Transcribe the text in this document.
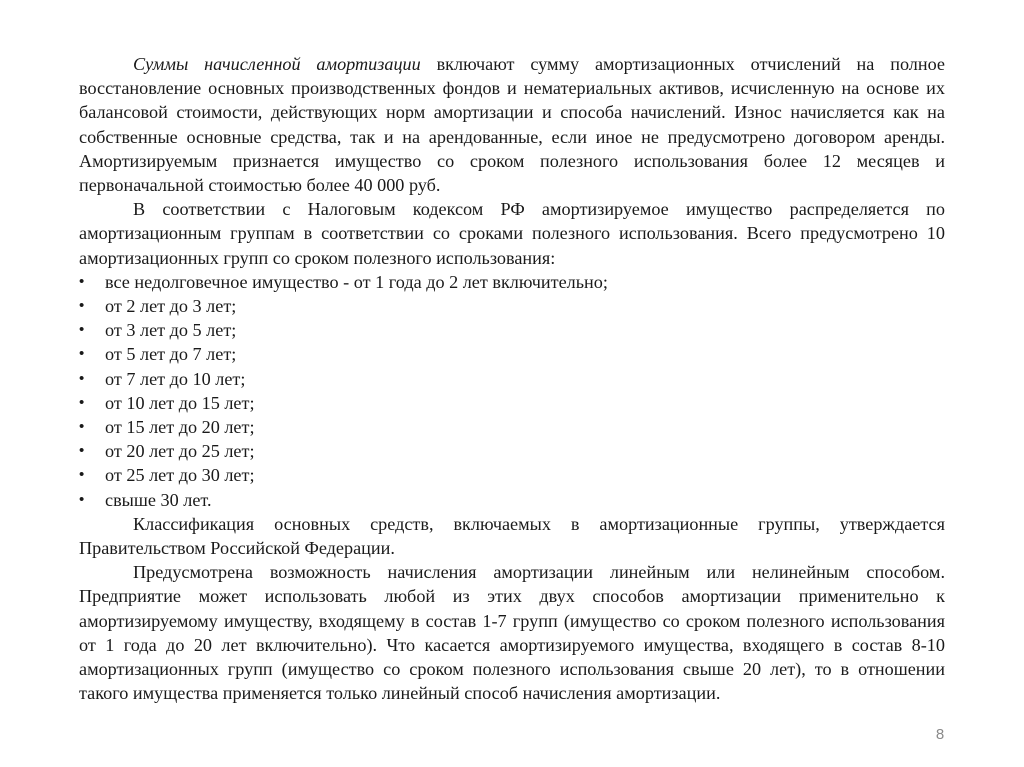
Суммы начисленной амортизации включают сумму амортизационных отчислений на полное восстановление основных производственных фондов и нематериальных активов, исчисленную на основе их балансовой стоимости, действующих норм амортизации и способа начислений. Износ начисляется как на собственные основные средства, так и на арендованные, если иное не предусмотрено договором аренды. Амортизируемым признается имущество со сроком полезного использования более 12 месяцев и первоначальной стоимостью более 40 000 руб.

В соответствии с Налоговым кодексом РФ амортизируемое имущество распределяется по амортизационным группам в соответствии со сроками полезного использования. Всего предусмотрено 10 амортизационных групп со сроком полезного использования:

• все недолговечное имущество - от 1 года до 2 лет включительно;
• от 2 лет до 3 лет;
• от 3 лет до 5 лет;
• от 5 лет до 7 лет;
• от 7 лет до 10 лет;
• от 10 лет до 15 лет;
• от 15 лет до 20 лет;
• от 20 лет до 25 лет;
• от 25 лет до 30 лет;
• свыше 30 лет.

Классификация основных средств, включаемых в амортизационные группы, утверждается Правительством Российской Федерации.

Предусмотрена возможность начисления амортизации линейным или нелинейным способом. Предприятие может использовать любой из этих двух способов амортизации применительно к амортизируемому имуществу, входящему в состав 1-7 групп (имущество со сроком полезного использования от 1 года до 20 лет включительно). Что касается амортизируемого имущества, входящего в состав 8-10 амортизационных групп (имущество со сроком полезного использования свыше 20 лет), то в отношении такого имущества применяется только линейный способ начисления амортизации.

8
